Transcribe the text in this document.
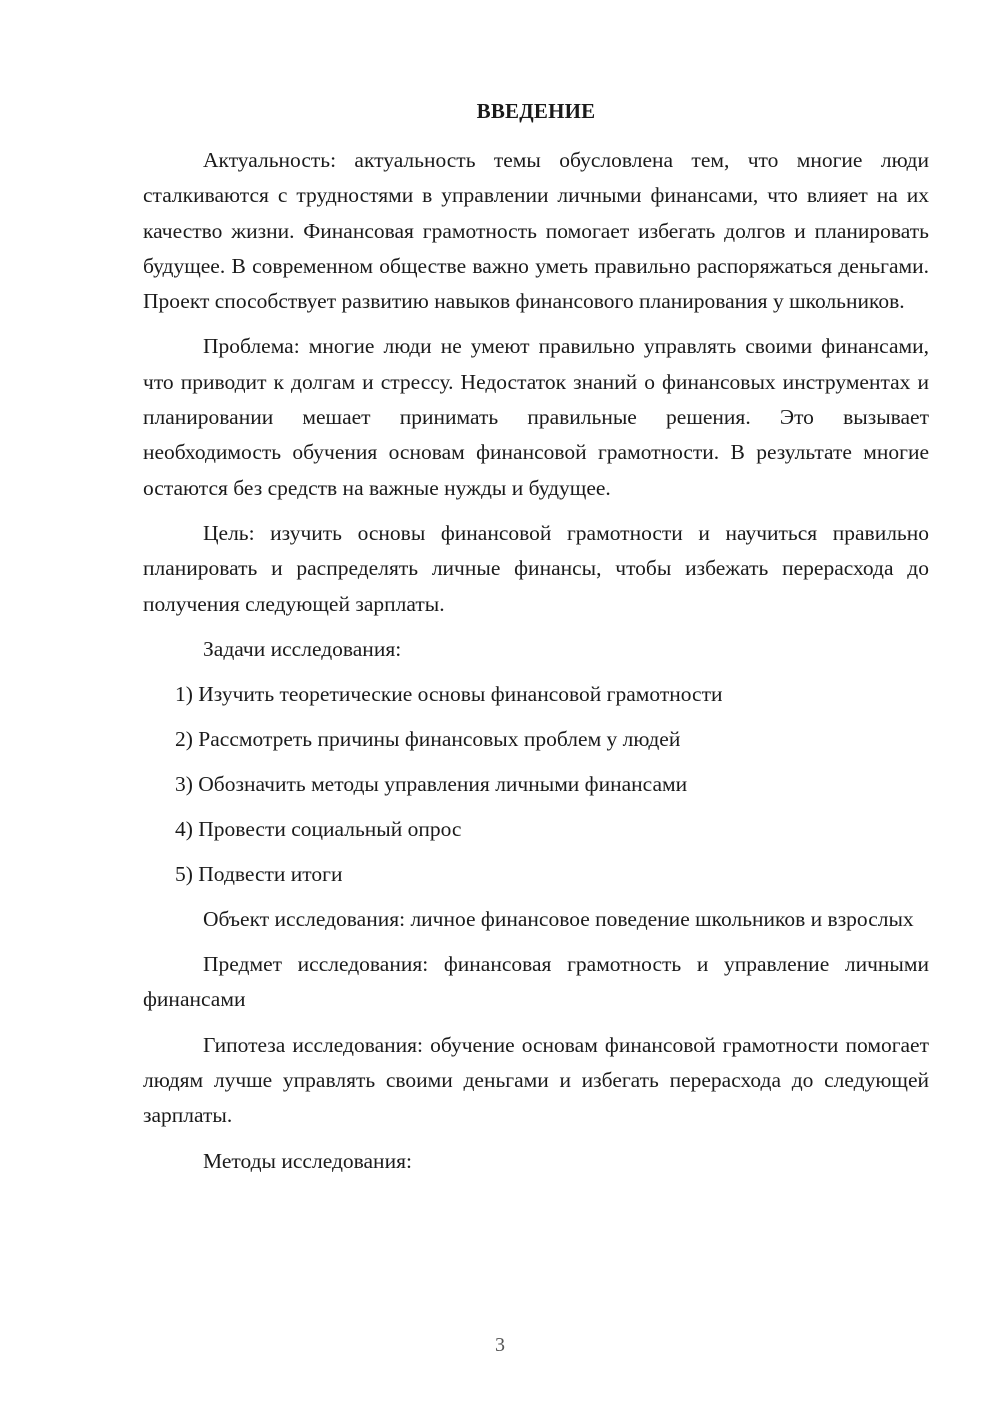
ВВЕДЕНИЕ

Актуальность: актуальность темы обусловлена тем, что многие люди сталкиваются с трудностями в управлении личными финансами, что влияет на их качество жизни. Финансовая грамотность помогает избегать долгов и планировать будущее. В современном обществе важно уметь правильно распоряжаться деньгами. Проект способствует развитию навыков финансового планирования у школьников.

Проблема: многие люди не умеют правильно управлять своими финансами, что приводит к долгам и стрессу. Недостаток знаний о финансовых инструментах и планировании мешает принимать правильные решения. Это вызывает необходимость обучения основам финансовой грамотности. В результате многие остаются без средств на важные нужды и будущее.

Цель: изучить основы финансовой грамотности и научиться правильно планировать и распределять личные финансы, чтобы избежать перерасхода до получения следующей зарплаты.

Задачи исследования:
1) Изучить теоретические основы финансовой грамотности
2) Рассмотреть причины финансовых проблем у людей
3) Обозначить методы управления личными финансами
4) Провести социальный опрос
5) Подвести итоги

Объект исследования: личное финансовое поведение школьников и взрослых

Предмет исследования: финансовая грамотность и управление личными финансами

Гипотеза исследования: обучение основам финансовой грамотности помогает людям лучше управлять своими деньгами и избегать перерасхода до следующей зарплаты.

Методы исследования:
3
